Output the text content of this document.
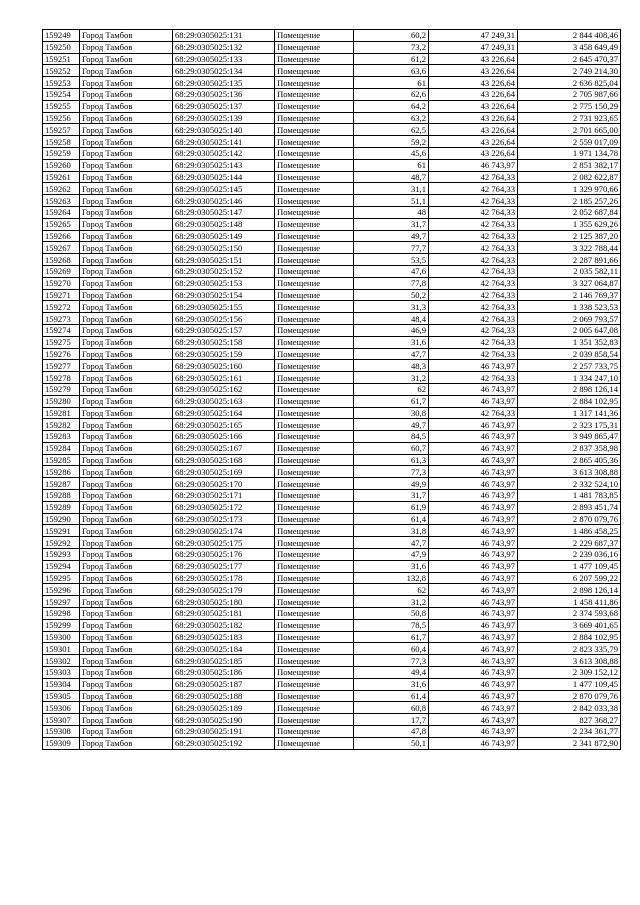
159249	Город Тамбов	68:29:0305025:131	Помещение	60,2	47 249,31	2 844 408,46
159250	Город Тамбов	68:29:0305025:132	Помещение	73,2	47 249,31	3 458 649,49
159251	Город Тамбов	68:29:0305025:133	Помещение	61,2	43 226,64	2 645 470,37
159252	Город Тамбов	68:29:0305025:134	Помещение	63,6	43 226,64	2 749 214,30
159253	Город Тамбов	68:29:0305025:135	Помещение	61	43 226,64	2 636 825,04
159254	Город Тамбов	68:29:0305025:136	Помещение	62,6	43 226,64	2 705 987,66
159255	Город Тамбов	68:29:0305025:137	Помещение	64,2	43 226,64	2 775 150,29
159256	Город Тамбов	68:29:0305025:139	Помещение	63,2	43 226,64	2 731 923,65
159257	Город Тамбов	68:29:0305025:140	Помещение	62,5	43 226,64	2 701 665,00
159258	Город Тамбов	68:29:0305025:141	Помещение	59,2	43 226,64	2 559 017,09
159259	Город Тамбов	68:29:0305025:142	Помещение	45,6	43 226,64	1 971 134,78
159260	Город Тамбов	68:29:0305025:143	Помещение	61	46 743,97	2 851 382,17
159261	Город Тамбов	68:29:0305025:144	Помещение	48,7	42 764,33	2 082 622,87
159262	Город Тамбов	68:29:0305025:145	Помещение	31,1	42 764,33	1 329 970,66
159263	Город Тамбов	68:29:0305025:146	Помещение	51,1	42 764,33	2 185 257,26
159264	Город Тамбов	68:29:0305025:147	Помещение	48	42 764,33	2 052 687,84
159265	Город Тамбов	68:29:0305025:148	Помещение	31,7	42 764,33	1 355 629,26
159266	Город Тамбов	68:29:0305025:149	Помещение	49,7	42 764,33	2 125 387,20
159267	Город Тамбов	68:29:0305025:150	Помещение	77,7	42 764,33	3 322 788,44
159268	Город Тамбов	68:29:0305025:151	Помещение	53,5	42 764,33	2 287 891,66
159269	Город Тамбов	68:29:0305025:152	Помещение	47,6	42 764,33	2 035 582,11
159270	Город Тамбов	68:29:0305025:153	Помещение	77,8	42 764,33	3 327 064,87
159271	Город Тамбов	68:29:0305025:154	Помещение	50,2	42 764,33	2 146 769,37
159272	Город Тамбов	68:29:0305025:155	Помещение	31,3	42 764,33	1 338 523,53
159273	Город Тамбов	68:29:0305025:156	Помещение	48,4	42 764,33	2 069 793,57
159274	Город Тамбов	68:29:0305025:157	Помещение	46,9	42 764,33	2 005 647,08
159275	Город Тамбов	68:29:0305025:158	Помещение	31,6	42 764,33	1 351 352,83
159276	Город Тамбов	68:29:0305025:159	Помещение	47,7	42 764,33	2 039 858,54
159277	Город Тамбов	68:29:0305025:160	Помещение	48,3	46 743,97	2 257 733,75
159278	Город Тамбов	68:29:0305025:161	Помещение	31,2	42 764,33	1 334 247,10
159279	Город Тамбов	68:29:0305025:162	Помещение	62	46 743,97	2 898 126,14
159280	Город Тамбов	68:29:0305025:163	Помещение	61,7	46 743,97	2 884 102,95
159281	Город Тамбов	68:29:0305025:164	Помещение	30,8	42 764,33	1 317 141,36
159282	Город Тамбов	68:29:0305025:165	Помещение	49,7	46 743,97	2 323 175,31
159283	Город Тамбов	68:29:0305025:166	Помещение	84,5	46 743,97	3 949 865,47
159284	Город Тамбов	68:29:0305025:167	Помещение	60,7	46 743,97	2 837 358,98
159285	Город Тамбов	68:29:0305025:168	Помещение	61,3	46 743,97	2 865 405,36
159286	Город Тамбов	68:29:0305025:169	Помещение	77,3	46 743,97	3 613 308,88
159287	Город Тамбов	68:29:0305025:170	Помещение	49,9	46 743,97	2 332 524,10
159288	Город Тамбов	68:29:0305025:171	Помещение	31,7	46 743,97	1 481 783,85
159289	Город Тамбов	68:29:0305025:172	Помещение	61,9	46 743,97	2 893 451,74
159290	Город Тамбов	68:29:0305025:173	Помещение	61,4	46 743,97	2 870 079,76
159291	Город Тамбов	68:29:0305025:174	Помещение	31,8	46 743,97	1 486 458,25
159292	Город Тамбов	68:29:0305025:175	Помещение	47,7	46 743,97	2 229 687,37
159293	Город Тамбов	68:29:0305025:176	Помещение	47,9	46 743,97	2 239 036,16
159294	Город Тамбов	68:29:0305025:177	Помещение	31,6	46 743,97	1 477 109,45
159295	Город Тамбов	68:29:0305025:178	Помещение	132,8	46 743,97	6 207 599,22
159296	Город Тамбов	68:29:0305025:179	Помещение	62	46 743,97	2 898 126,14
159297	Город Тамбов	68:29:0305025:180	Помещение	31,2	46 743,97	1 458 411,86
159298	Город Тамбов	68:29:0305025:181	Помещение	50,8	46 743,97	2 374 593,68
159299	Город Тамбов	68:29:0305025:182	Помещение	78,5	46 743,97	3 669 401,65
159300	Город Тамбов	68:29:0305025:183	Помещение	61,7	46 743,97	2 884 102,95
159301	Город Тамбов	68:29:0305025:184	Помещение	60,4	46 743,97	2 823 335,79
159302	Город Тамбов	68:29:0305025:185	Помещение	77,3	46 743,97	3 613 308,88
159303	Город Тамбов	68:29:0305025:186	Помещение	49,4	46 743,97	2 309 152,12
159304	Город Тамбов	68:29:0305025:187	Помещение	31,6	46 743,97	1 477 109,45
159305	Город Тамбов	68:29:0305025:188	Помещение	61,4	46 743,97	2 870 079,76
159306	Город Тамбов	68:29:0305025:189	Помещение	60,8	46 743,97	2 842 033,38
159307	Город Тамбов	68:29:0305025:190	Помещение	17,7	46 743,97	827 368,27
159308	Город Тамбов	68:29:0305025:191	Помещение	47,8	46 743,97	2 234 361,77
159309	Город Тамбов	68:29:0305025:192	Помещение	50,1	46 743,97	2 341 872,90
